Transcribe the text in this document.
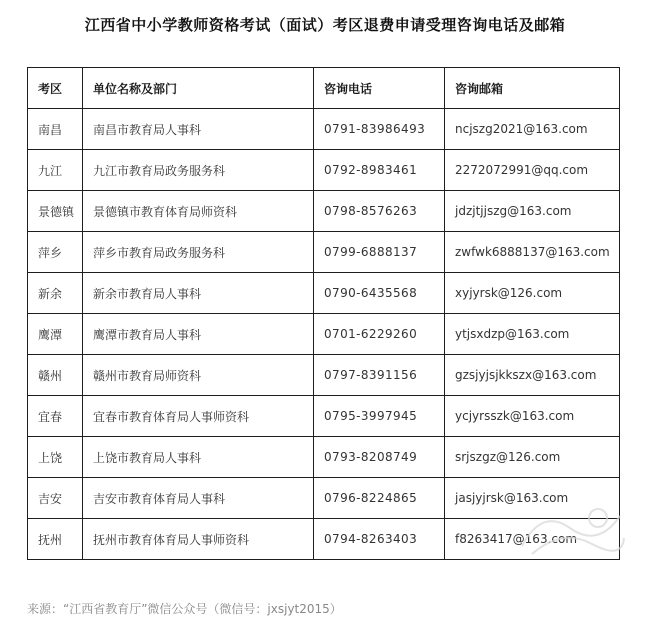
江西省中小学教师资格考试（面试）考区退费申请受理咨询电话及邮箱
考区	单位名称及部门	咨询电话	咨询邮箱
南昌	南昌市教育局人事科	0791-83986493	ncjszg2021@163.com
九江	九江市教育局政务服务科	0792-8983461	2272072991@qq.com
景德镇	景德镇市教育体育局师资科	0798-8576263	jdzjtjjszg@163.com
萍乡	萍乡市教育局政务服务科	0799-6888137	zwfwk6888137@163.com
新余	新余市教育局人事科	0790-6435568	xyjyrsk@126.com
鹰潭	鹰潭市教育局人事科	0701-6229260	ytjsxdzp@163.com
赣州	赣州市教育局师资科	0797-8391156	gzsjyjsjkkszx@163.com
宜春	宜春市教育体育局人事师资科	0795-3997945	ycjyrsszk@163.com
上饶	上饶市教育局人事科	0793-8208749	srjszgz@126.com
吉安	吉安市教育体育局人事科	0796-8224865	jasjyjrsk@163.com
抚州	抚州市教育体育局人事师资科	0794-8263403	f8263417@163.com
来源：“江西省教育厅”微信公众号（微信号：jxsjyt2015）
